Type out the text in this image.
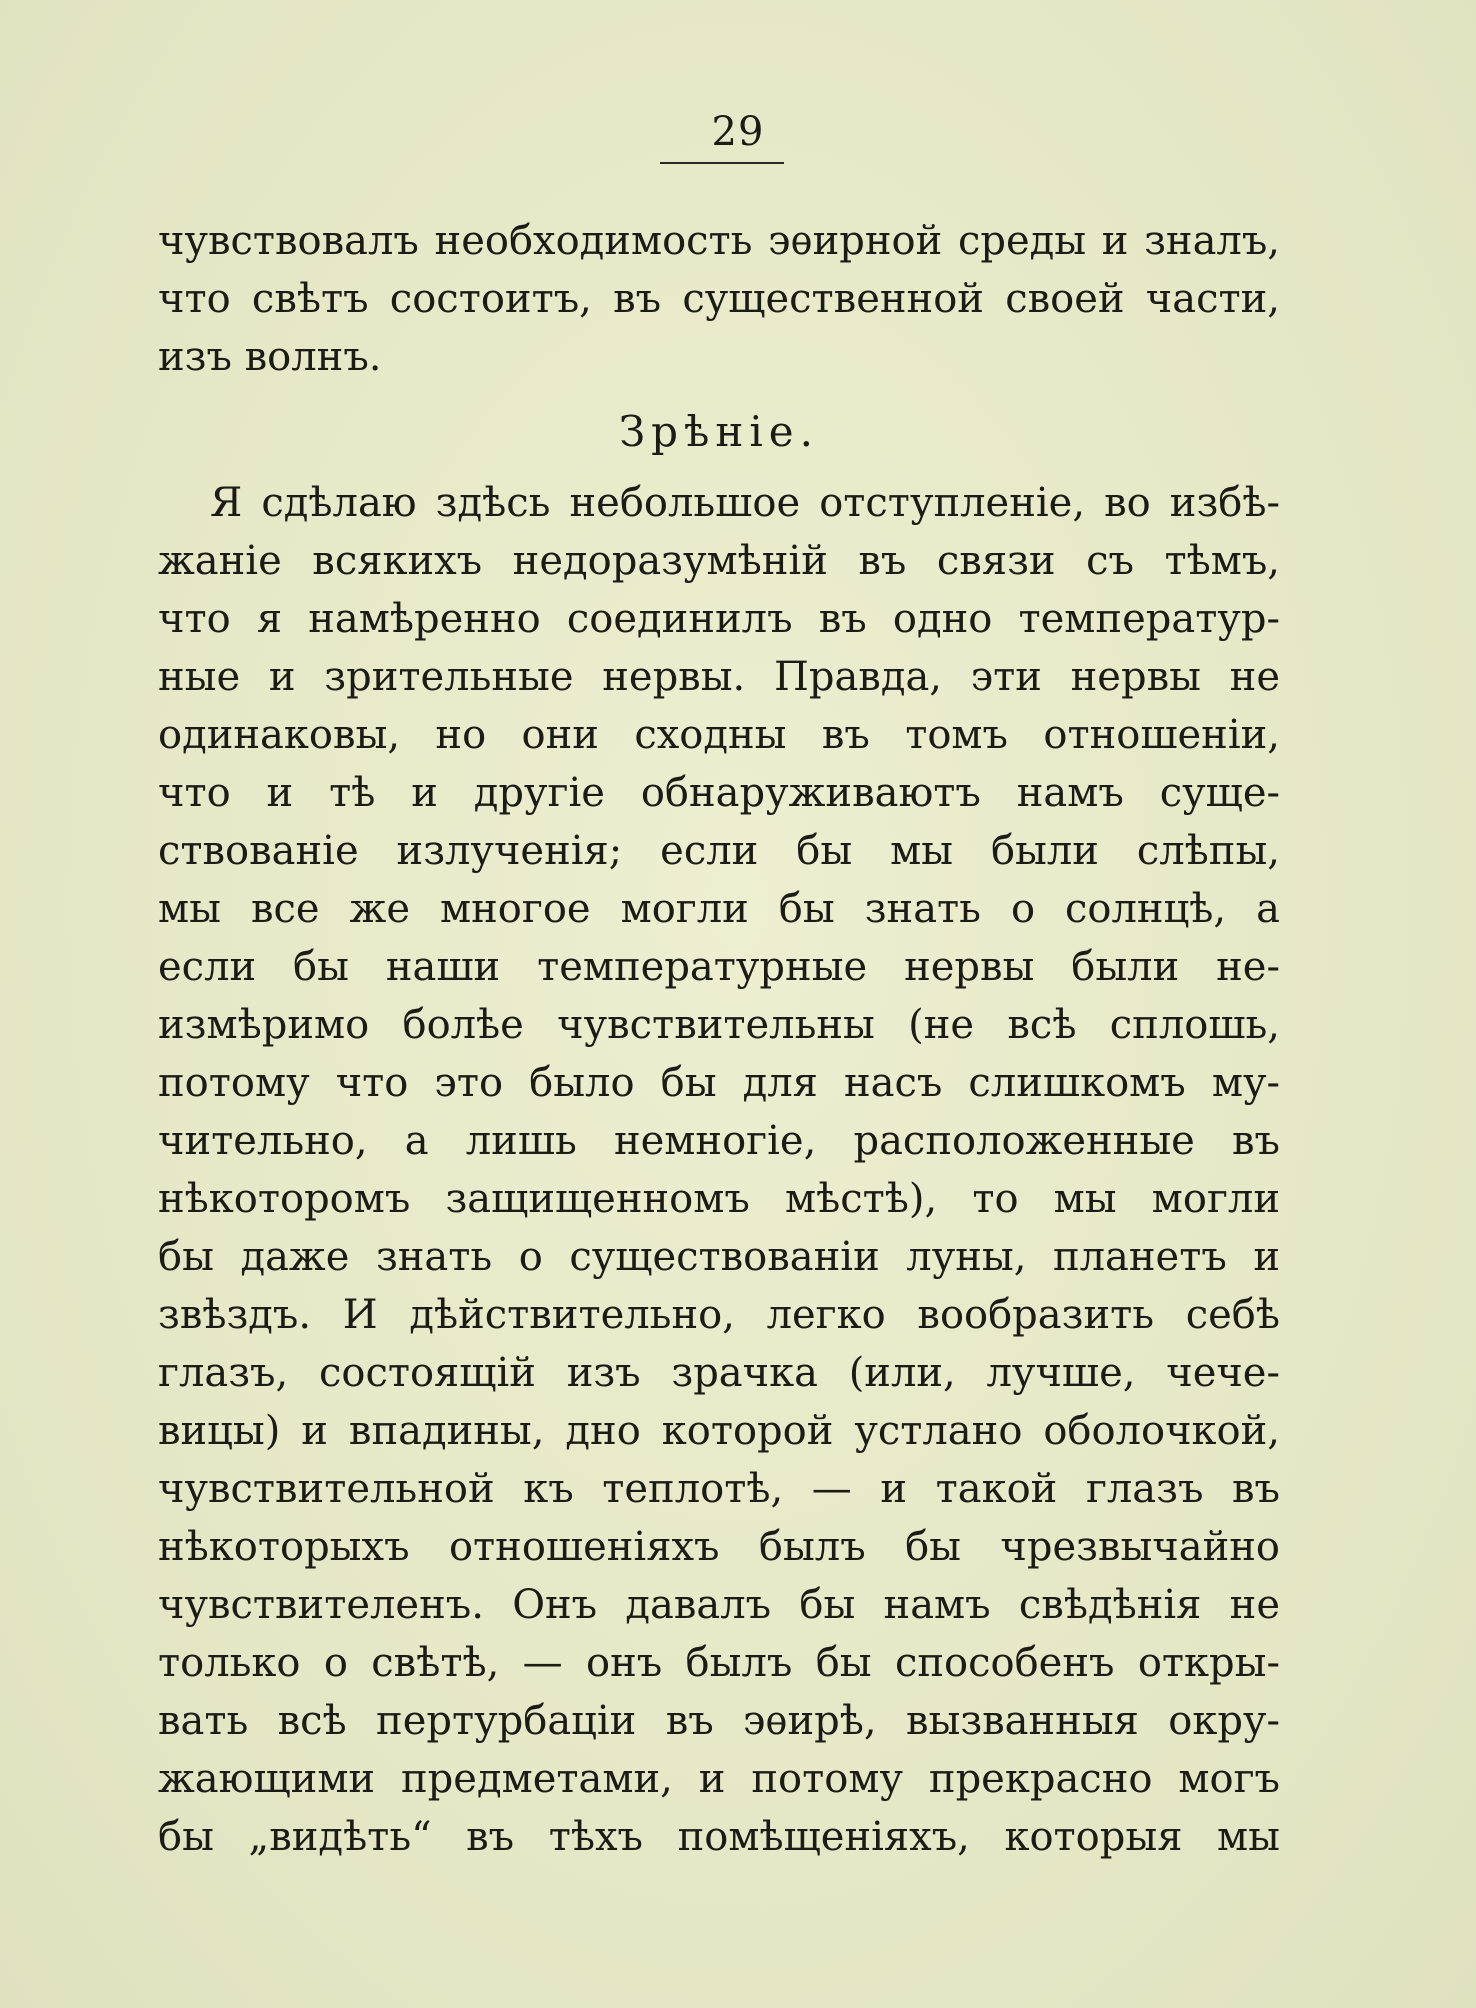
29
чувствовалъ необходимость эѳирной среды и зналъ,
что свѣтъ состоитъ, въ существенной своей части,
изъ волнъ.
Зрѣніе.
Я сдѣлаю здѣсь небольшое отступленіе, во избѣ-
жаніе всякихъ недоразумѣній въ связи съ тѣмъ,
что я намѣренно соединилъ въ одно температур-
ные и зрительные нервы. Правда, эти нервы не
одинаковы, но они сходны въ томъ отношеніи,
что и тѣ и другіе обнаруживаютъ намъ суще-
ствованіе излученія; если бы мы были слѣпы,
мы все же многое могли бы знать о солнцѣ, а
если бы наши температурные нервы были не-
измѣримо болѣе чувствительны (не всѣ сплошь,
потому что это было бы для насъ слишкомъ му-
чительно, а лишь немногіе, расположенные въ
нѣкоторомъ защищенномъ мѣстѣ), то мы могли
бы даже знать о существованіи луны, планетъ и
звѣздъ. И дѣйствительно, легко вообразить себѣ
глазъ, состоящій изъ зрачка (или, лучше, чече-
вицы) и впадины, дно которой устлано оболочкой,
чувствительной къ теплотѣ, — и такой глазъ въ
нѣкоторыхъ отношеніяхъ былъ бы чрезвычайно
чувствителенъ. Онъ давалъ бы намъ свѣдѣнія не
только о свѣтѣ, — онъ былъ бы способенъ откры-
вать всѣ пертурбаціи въ эѳирѣ, вызванныя окру-
жающими предметами, и потому прекрасно могъ
бы „видѣть“ въ тѣхъ помѣщеніяхъ, которыя мы
